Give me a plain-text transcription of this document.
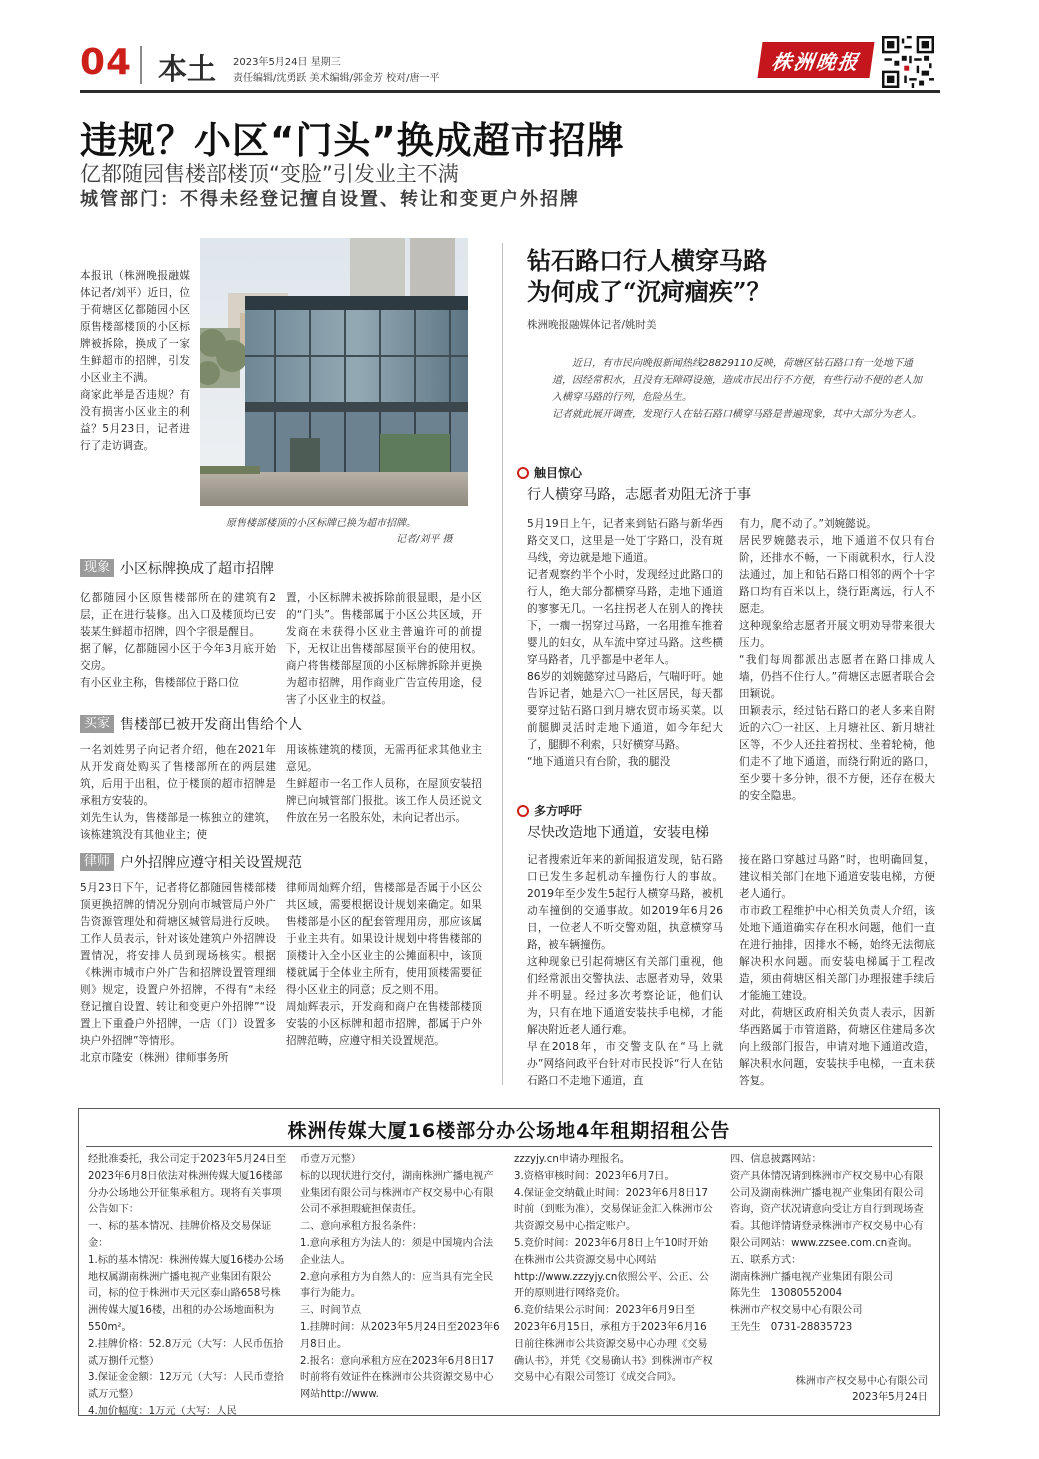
04 本土 2023年5月24日 星期三
责任编辑/沈勇跃 美术编辑/郭金芳 校对/唐一平
株洲晚报
违规？小区“门头”换成超市招牌
亿都随园售楼部楼顶“变脸”引发业主不满
城管部门：不得未经登记擅自设置、转让和变更户外招牌
本报讯（株洲晚报融媒体记者/刘平）近日，位于荷塘区亿都随园小区原售楼部楼顶的小区标牌被拆除，换成了一家生鲜超市的招牌，引发小区业主不满。
商家此举是否违规？有没有损害小区业主的利益？5月23日，记者进行了走访调查。
原售楼部楼顶的小区标牌已换为超市招牌。
记者/刘平 摄
现象 小区标牌换成了超市招牌
亿都随园小区原售楼部所在的建筑有2层，正在进行装修。出入口及楼顶均已安装某生鲜超市招牌，四个字很是醒目。
据了解，亿都随园小区于今年3月底开始交房。
有小区业主称，售楼部位于路口位
置，小区标牌未被拆除前很显眼，是小区的“门头”。售楼部属于小区公共区域，开发商在未获得小区业主普遍许可的前提下，无权让出售楼部屋顶平台的使用权。商户将售楼部屋顶的小区标牌拆除并更换为超市招牌，用作商业广告宣传用途，侵害了小区业主的权益。
买家 售楼部已被开发商出售给个人
一名刘姓男子向记者介绍，他在2021年从开发商处购买了售楼部所在的两层建筑，后用于出租，位于楼顶的超市招牌是承租方安装的。
刘先生认为，售楼部是一栋独立的建筑，该栋建筑没有其他业主；使
用该栋建筑的楼顶，无需再征求其他业主意见。
生鲜超市一名工作人员称，在屋顶安装招牌已向城管部门报批。该工作人员还说文件放在另一名股东处，未向记者出示。
律师 户外招牌应遵守相关设置规范
5月23日下午，记者将亿都随园售楼部楼顶更换招牌的情况分别向市城管局户外广告资源管理处和荷塘区城管局进行反映。工作人员表示，针对该处建筑户外招牌设置情况，将安排人员到现场核实。根据《株洲市城市户外广告和招牌设置管理细则》规定，设置户外招牌，不得有“未经登记擅自设置、转让和变更户外招牌”“设置上下重叠户外招牌，一店（门）设置多块户外招牌”等情形。
北京市隆安（株洲）律师事务所
律师周灿辉介绍，售楼部是否属于小区公共区域，需要根据设计规划来确定。如果售楼部是小区的配套管理用房，那应该属于业主共有。如果设计规划中将售楼部的顶楼计入全小区业主的公摊面积中，该顶楼就属于全体业主所有，使用顶楼需要征得小区业主的同意；反之则不用。
周灿辉表示，开发商和商户在售楼部楼顶安装的小区标牌和超市招牌，都属于户外招牌范畴，应遵守相关设置规范。
钻石路口行人横穿马路
为何成了“沉疴痼疾”？
株洲晚报融媒体记者/姚时美
近日，有市民向晚报新闻热线28829110反映，荷塘区钻石路口有一处地下通道，因经常积水，且没有无障碍设施，造成市民出行不方便，有些行动不便的老人加入横穿马路的行列，危险丛生。
记者就此展开调查，发现行人在钻石路口横穿马路是普遍现象，其中大部分为老人。
触目惊心
行人横穿马路，志愿者劝阻无济于事
5月19日上午，记者来到钻石路与新华西路交叉口，这里是一处丁字路口，没有斑马线，旁边就是地下通道。
记者观察约半个小时，发现经过此路口的行人，绝大部分都横穿马路，走地下通道的寥寥无几。一名拄拐老人在别人的搀扶下，一瘸一拐穿过马路，一名用推车推着婴儿的妇女，从车流中穿过马路。这些横穿马路者，几乎都是中老年人。
86岁的刘婉懿穿过马路后，气喘吁吁。她告诉记者，她是六〇一社区居民，每天都要穿过钻石路口到月塘农贸市场买菜。以前腿脚灵活时走地下通道，如今年纪大了，腿脚不利索，只好横穿马路。
“地下通道只有台阶，我的腿没
有力，爬不动了。”刘婉懿说。
居民罗婉懿表示，地下通道不仅只有台阶，还排水不畅，一下雨就积水，行人没法通过，加上和钻石路口相邻的两个十字路口均有百米以上，绕行距离远，行人不愿走。
这种现象给志愿者开展文明劝导带来很大压力。
“我们每周都派出志愿者在路口排成人墙，仍挡不住行人。”荷塘区志愿者联合会田颖说。
田颖表示，经过钻石路口的老人多来自附近的六〇一社区、上月塘社区、新月塘社区等，不少人还拄着拐杖、坐着轮椅，他们走不了地下通道，而绕行附近的路口，至少要十多分钟，很不方便，还存在极大的安全隐患。
多方呼吁
尽快改造地下通道，安装电梯
记者搜索近年来的新闻报道发现，钻石路口已发生多起机动车撞伤行人的事故。2019年至少发生5起行人横穿马路，被机动车撞倒的交通事故。如2019年6月26日，一位老人不听交警劝阻，执意横穿马路，被车辆撞伤。
这种现象已引起荷塘区有关部门重视，他们经常派出交警执法、志愿者劝导，效果并不明显。经过多次考察论证，他们认为，只有在地下通道安装扶手电梯，才能解决附近老人通行难。
早在2018年，市交警支队在“马上就办”网络问政平台针对市民投诉“行人在钻石路口不走地下通道，直
接在路口穿越过马路”时，也明确回复，建议相关部门在地下通道安装电梯，方便老人通行。
市市政工程维护中心相关负责人介绍，该处地下通道确实存在积水问题，他们一直在进行抽排，因排水不畅，始终无法彻底解决积水问题。而安装电梯属于工程改造，须由荷塘区相关部门办理报建手续后才能施工建设。
对此，荷塘区政府相关负责人表示，因新华西路属于市管道路，荷塘区住建局多次向上级部门报告，申请对地下通道改造，解决积水问题，安装扶手电梯，一直未获答复。
株洲传媒大厦16楼部分办公场地4年租期招租公告
经批准委托，我公司定于2023年5月24日至2023年6月8日依法对株洲传媒大厦16楼部分办公场地公开征集承租方。现将有关事项公告如下：
一、标的基本情况、挂牌价格及交易保证金：
1.标的基本情况：株洲传媒大厦16楼办公场地权属湖南株洲广播电视产业集团有限公司，标的位于株洲市天元区泰山路658号株洲传媒大厦16楼，出租的办公场地面积为550m²。
2.挂牌价格：52.8万元（大写：人民币伍拾贰万捌仟元整）
3.保证金金额：12万元（大写：人民币壹拾贰万元整）
4.加价幅度：1万元（大写：人民
币壹万元整）
标的以现状进行交付，湖南株洲广播电视产业集团有限公司与株洲市产权交易中心有限公司不承担瑕疵担保责任。
二、意向承租方报名条件：
1.意向承租方为法人的：须是中国境内合法企业法人。
2.意向承租方为自然人的：应当具有完全民事行为能力。
三、时间节点
1.挂牌时间：从2023年5月24日至2023年6月8日止。
2.报名：意向承租方应在2023年6月8日17时前将有效证件在株洲市公共资源交易中心网站http://www.
zzzyjy.cn申请办理报名。
3.资格审核时间：2023年6月7日。
4.保证金交纳截止时间：2023年6月8日17时前（到账为准），交易保证金汇入株洲市公共资源交易中心指定账户。
5.竞价时间：2023年6月8日上午10时开始在株洲市公共资源交易中心网站http://www.zzzyjy.cn依照公平、公正、公开的原则进行网络竞价。
6.竞价结果公示时间：2023年6月9日至2023年6月15日，承租方于2023年6月16日前往株洲市公共资源交易中心办理《交易确认书》，并凭《交易确认书》到株洲市产权交易中心有限公司签订《成交合同》。
四、信息披露网站：
资产具体情况请到株洲市产权交易中心有限公司及湖南株洲广播电视产业集团有限公司咨询，资产状况请意向受让方自行到现场查看。其他详情请登录株洲市产权交易中心有限公司网站：www.zzsee.com.cn查询。
五、联系方式：
湖南株洲广播电视产业集团有限公司
陈先生　13080552004
株洲市产权交易中心有限公司
王先生　0731-28835723
株洲市产权交易中心有限公司
2023年5月24日
